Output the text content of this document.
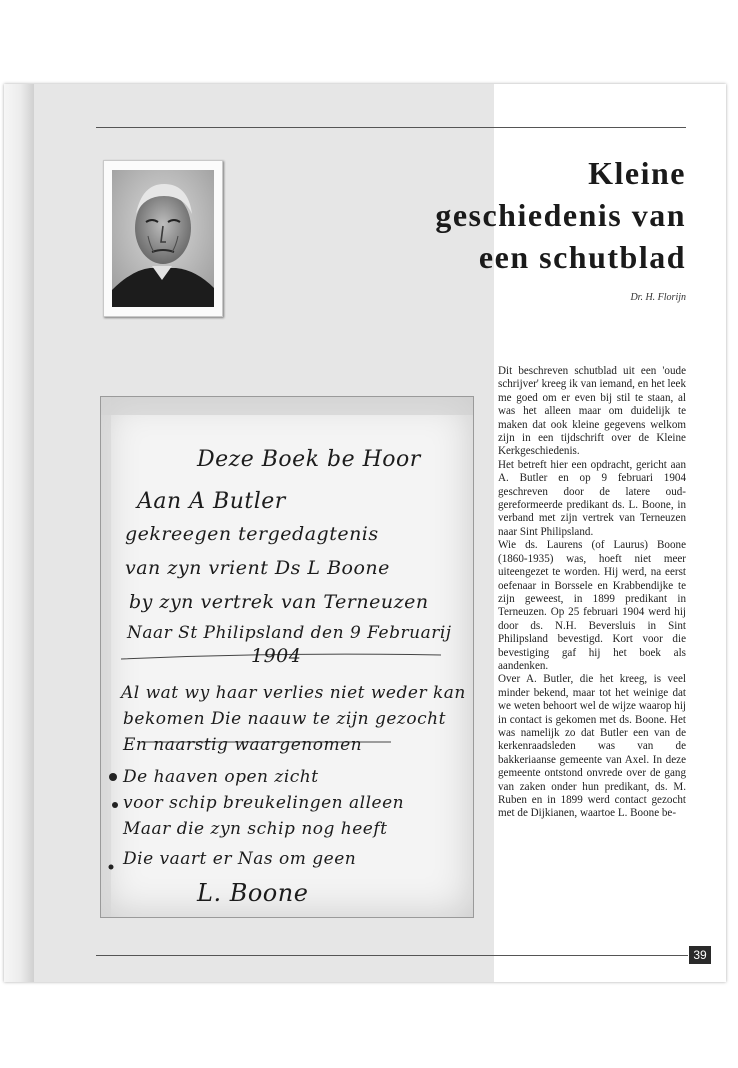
Kleine
geschiedenis van
een schutblad
Dr. H. Florijn
Deze Boek be Hoor
Aan A Butler
gekreegen tergedagtenis
van zyn vrient Ds L Boone
by zyn vertrek van Terneuzen
Naar St Philipsland den 9 Februarij
1904
Al wat wy haar verlies niet weder kan
bekomen Die naauw te zijn gezocht
En naarstig waargenomen
De haaven open zicht
voor schip breukelingen alleen
Maar die zyn schip nog heeft
Die vaart er Nas om geen
L. Boone

Dit beschreven schutblad uit een 'oude schrijver' kreeg ik van iemand, en het leek me goed om er even bij stil te staan, al was het alleen maar om duidelijk te maken dat ook kleine gegevens welkom zijn in een tijdschrift over de Kleine Kerkgeschiedenis.

Het betreft hier een opdracht, gericht aan A. Butler en op 9 februari 1904 geschreven door de latere oud-gereformeerde predikant ds. L. Boone, in verband met zijn vertrek van Terneuzen naar Sint Philipsland.

Wie ds. Laurens (of Laurus) Boone (1860-1935) was, hoeft niet meer uiteengezet te worden. Hij werd, na eerst oefenaar in Borssele en Krabbendijke te zijn geweest, in 1899 predikant in Terneuzen. Op 25 februari 1904 werd hij door ds. N.H. Beversluis in Sint Philipsland bevestigd. Kort voor die bevestiging gaf hij het boek als aandenken.

Over A. Butler, die het kreeg, is veel minder bekend, maar tot het weinige dat we weten behoort wel de wijze waarop hij in contact is gekomen met ds. Boone. Het was namelijk zo dat Butler een van de kerkenraadsleden was van de bakkeriaanse gemeente van Axel. In deze gemeente ontstond onvrede over de gang van zaken onder hun predikant, ds. M. Ruben en in 1899 werd contact gezocht met de Dijkianen, waartoe L. Boone be-

39
